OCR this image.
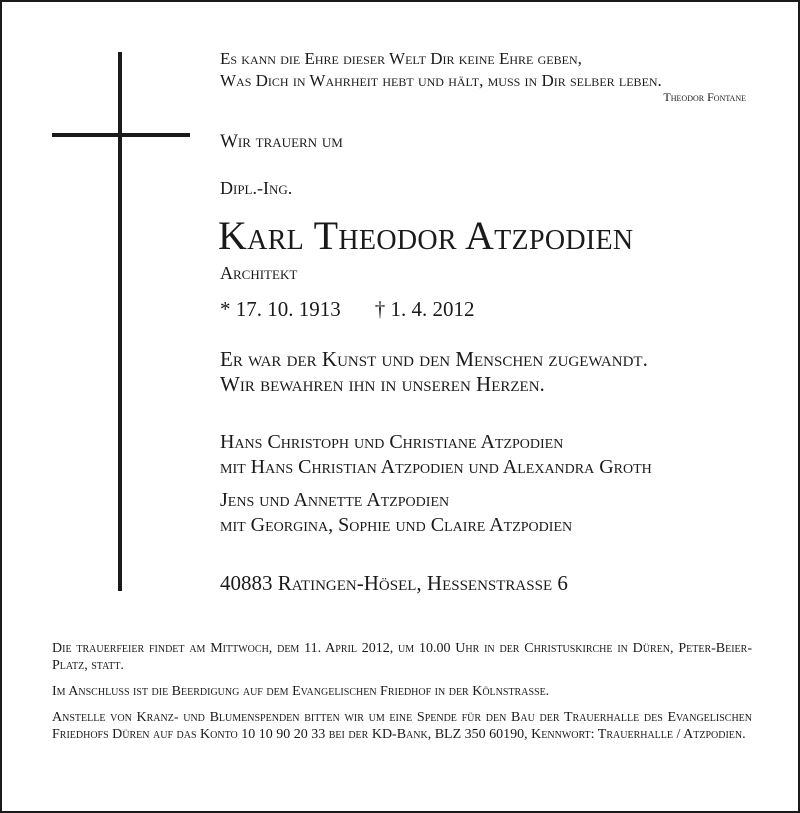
Es kann die Ehre dieser Welt Dir keine Ehre geben,
Was Dich in Wahrheit hebt und hält, muss in Dir selber leben.
Theodor Fontane
Wir trauern um
Dipl.-Ing.
Karl Theodor Atzpodien
Architekt
* 17. 10. 1913 † 1. 4. 2012
Er war der Kunst und den Menschen zugewandt.
Wir bewahren ihn in unseren Herzen.
Hans Christoph und Christiane Atzpodien
mit Hans Christian Atzpodien und Alexandra Groth
Jens und Annette Atzpodien
mit Georgina, Sophie und Claire Atzpodien
40883 Ratingen-Hösel, Hessenstrasse 6

Die trauerfeier findet am Mittwoch, dem 11. April 2012, um 10.00 Uhr in der Christuskirche in Düren, Peter-Beier-Platz, statt.

Im Anschluss ist die Beerdigung auf dem Evangelischen Friedhof in der Kölnstrasse.

Anstelle von Kranz- und Blumenspenden bitten wir um eine Spende für den Bau der Trauerhalle des Evangelischen Friedhofs Düren auf das Konto 10 10 90 20 33 bei der KD-Bank, BLZ 350 60190, Kennwort: Trauerhalle / Atzpodien.
